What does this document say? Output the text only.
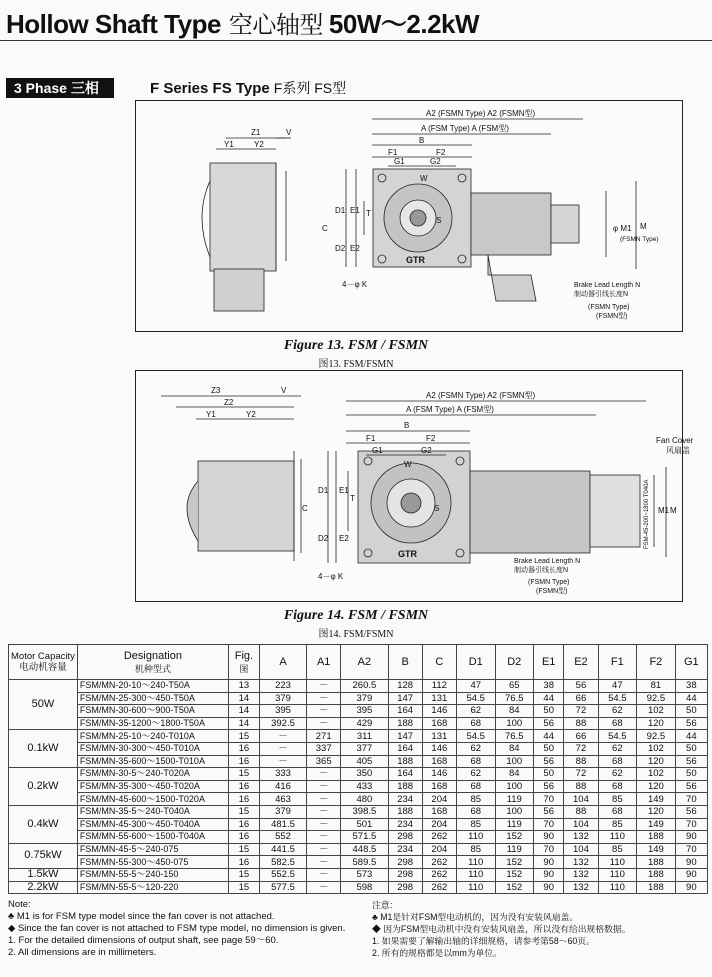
Hollow Shaft Type 空心轴型 50W～2.2kW
3 Phase 三相	F Series FS Type F系列 FS型
Z1	V
Y1	Y2
A2 (FSMN Type) A2 (FSMN型)
A (FSM Type) A (FSM型)
B
F1	F2
G1	G2
W
D1
D2
E1
E2
T
C
S
GTR
4－φ K
φ M1
(FSMN Type)
M
Brake Lead Length N
制动器引线长度N
(FSMN Type)
(FSMN型)
Figure 13. FSM / FSMN
图13. FSM/FSMN
Z3	V
Z2
Y1	Y2
A2 (FSMN Type) A2 (FSMN型)
A (FSM Type) A (FSM型)
B
F1	F2
G1	G2
W
D1
D2
E1
E2
T
C	S
GTR
4－φ K
M1 M
Fan Cover
风扇盖
Brake Lead Length N
制动器引线长度N
(FSMN Type)
(FSMN型)
FSM-45-200~1800 T040A
Figure 14. FSM / FSMN
图14. FSM/FSMN
Motor Capacity
电动机容量	Designation
机种型式	Fig.
图	A	A1	A2	B	C	D1	D2	E1	E2	F1	F2	G1
50W	FSM/MN-20-10～240-T50A	13	223	－	260.5	128	112	47	65	38	56	47	81	38
	FSM/MN-25-300～450-T50A	14	379	－	379	147	131	54.5	76.5	44	66	54.5	92.5	44
	FSM/MN-30-600～900-T50A	14	395	－	395	164	146	62	84	50	72	62	102	50
	FSM/MN-35-1200～1800-T50A	14	392.5	－	429	188	168	68	100	56	88	68	120	56
0.1kW	FSM/MN-25-10～240-T010A	15	－	271	311	147	131	54.5	76.5	44	66	54.5	92.5	44
	FSM/MN-30-300～450-T010A	16	－	337	377	164	146	62	84	50	72	62	102	50
	FSM/MN-35-600～1500-T010A	16	－	365	405	188	168	68	100	56	88	68	120	56
0.2kW	FSM/MN-30-5～240-T020A	15	333	－	350	164	146	62	84	50	72	62	102	50
	FSM/MN-35-300～450-T020A	16	416	－	433	188	168	68	100	56	88	68	120	56
	FSM/MN-45-600～1500-T020A	16	463	－	480	234	204	85	119	70	104	85	149	70
0.4kW	FSM/MN-35-5～240-T040A	15	379	－	398.5	188	168	68	100	56	88	68	120	56
	FSM/MN-45-300～450-T040A	16	481.5	－	501	234	204	85	119	70	104	85	149	70
	FSM/MN-55-600～1500-T040A	16	552	－	571.5	298	262	110	152	90	132	110	188	90
0.75kW	FSM/MN-45-5～240-075	15	441.5	－	448.5	234	204	85	119	70	104	85	149	70
	FSM/MN-55-300～450-075	16	582.5	－	589.5	298	262	110	152	90	132	110	188	90
1.5kW	FSM/MN-55-5～240-150	15	552.5	－	573	298	262	110	152	90	132	110	188	90
2.2kW	FSM/MN-55-5～120-220	15	577.5	－	598	298	262	110	152	90	132	110	188	90
Note:
♣ M1 is for FSM type model since the fan cover is not attached.
◆ Since the fan cover is not attached to FSM type model, no dimension is given.
1. For the detailed dimensions of output shaft, see page 59～60.
2. All dimensions are in millimeters.
注意：
♣ M1是针对FSM型电动机的，因为没有安装风扇盖。
◆ 因为FSM型电动机中没有安装风扇盖，所以没有给出规格数据。
1. 如果需要了解输出轴的详细规格，请参考第58～60页。
2. 所有的规格都是以mm为单位。
